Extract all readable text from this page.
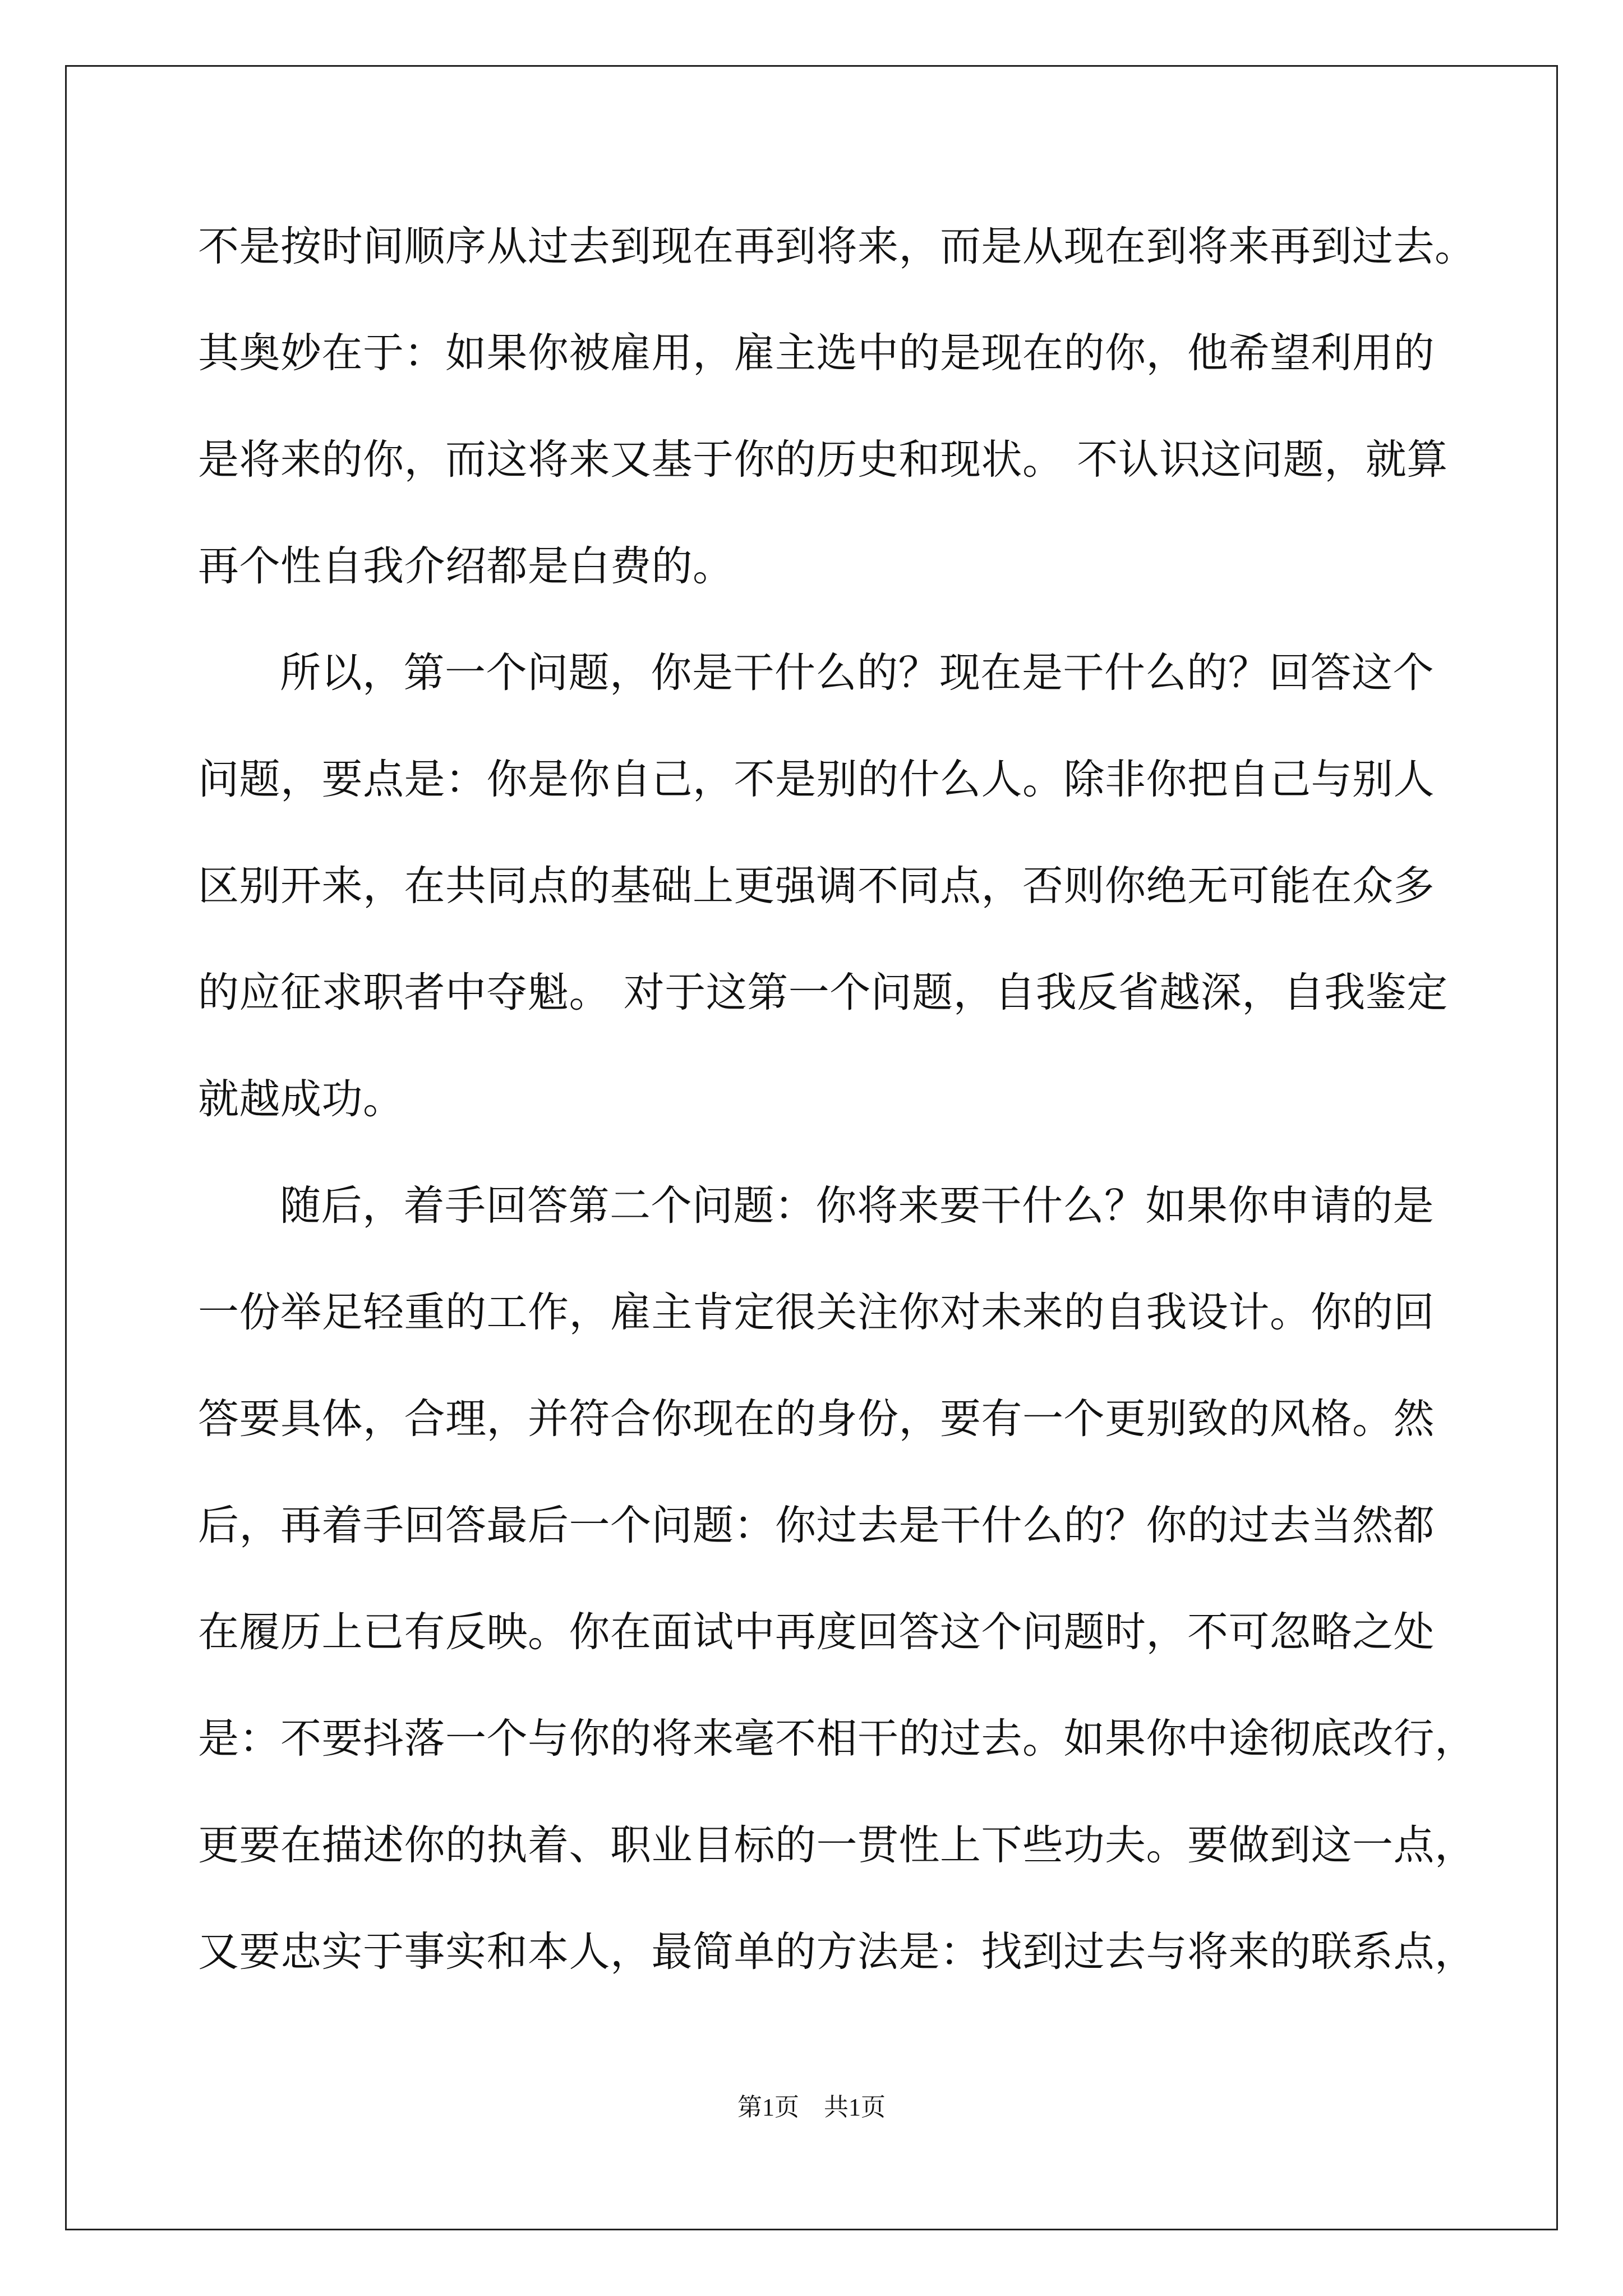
不是按时间顺序从过去到现在再到将来，而是从现在到将来再到过去。
其奥妙在于：如果你被雇用，雇主选中的是现在的你，他希望利用的
是将来的你，而这将来又基于你的历史和现状。 不认识这问题，就算
再个性自我介绍都是白费的。
所以，第一个问题，你是干什么的？现在是干什么的？回答这个
问题，要点是：你是你自己，不是别的什么人。除非你把自己与别人
区别开来，在共同点的基础上更强调不同点，否则你绝无可能在众多
的应征求职者中夺魁。 对于这第一个问题，自我反省越深，自我鉴定
就越成功。
随后，着手回答第二个问题：你将来要干什么？如果你申请的是
一份举足轻重的工作，雇主肯定很关注你对未来的自我设计。你的回
答要具体，合理，并符合你现在的身份，要有一个更别致的风格。然
后，再着手回答最后一个问题：你过去是干什么的？你的过去当然都
在履历上已有反映。你在面试中再度回答这个问题时，不可忽略之处
是：不要抖落一个与你的将来毫不相干的过去。如果你中途彻底改行，
更要在描述你的执着、职业目标的一贯性上下些功夫。要做到这一点，
又要忠实于事实和本人，最简单的方法是：找到过去与将来的联系点，
第1页 共1页
